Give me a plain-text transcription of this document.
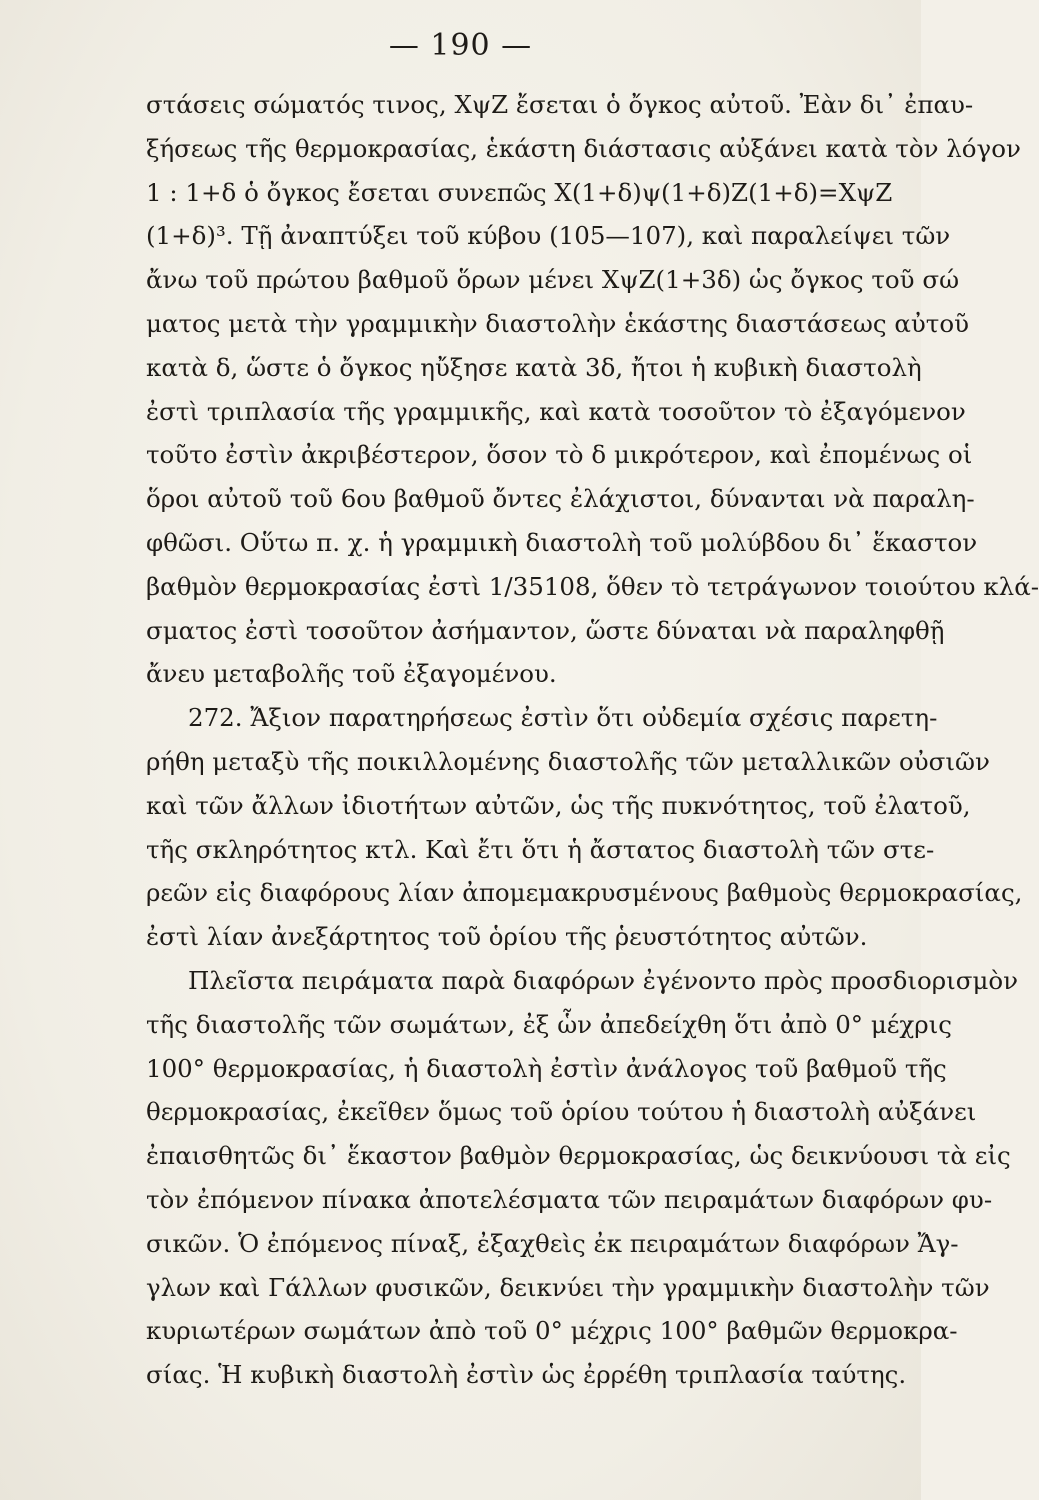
— 190 —
στάσεις σώματός τινος, ΧψΖ ἔσεται ὁ ὄγκος αὐτοῦ. Ἐὰν δι᾽ ἐπαυ-
ξήσεως τῆς θερμοκρασίας, ἑκάστη διάστασις αὐξάνει κατὰ τὸν λόγον
1 : 1+δ ὁ ὄγκος ἔσεται συνεπῶς Χ(1+δ)ψ(1+δ)Ζ(1+δ)=ΧψΖ
(1+δ)³. Τῇ ἀναπτύξει τοῦ κύβου (105—107), καὶ παραλείψει τῶν
ἄνω τοῦ πρώτου βαθμοῦ ὅρων μένει ΧψΖ(1+3δ) ὡς ὄγκος τοῦ σώ
ματος μετὰ τὴν γραμμικὴν διαστολὴν ἑκάστης διαστάσεως αὐτοῦ
κατὰ δ, ὥστε ὁ ὄγκος ηὔξησε κατὰ 3δ, ἤτοι ἡ κυβικὴ διαστολὴ
ἐστὶ τριπλασία τῆς γραμμικῆς, καὶ κατὰ τοσοῦτον τὸ ἐξαγόμενον
τοῦτο ἐστὶν ἀκριβέστερον, ὅσον τὸ δ μικρότερον, καὶ ἐπομένως οἱ
ὅροι αὐτοῦ τοῦ 6ου βαθμοῦ ὄντες ἐλάχιστοι, δύνανται νὰ παραλη-
φθῶσι. Οὕτω π. χ. ἡ γραμμικὴ διαστολὴ τοῦ μολύβδου δι᾽ ἕκαστον
βαθμὸν θερμοκρασίας ἐστὶ 1/35108, ὅθεν τὸ τετράγωνον τοιούτου κλά-
σματος ἐστὶ τοσοῦτον ἀσήμαντον, ὥστε δύναται νὰ παραληφθῇ
ἄνευ μεταβολῆς τοῦ ἐξαγομένου.
272. Ἄξιον παρατηρήσεως ἐστὶν ὅτι οὐδεμία σχέσις παρετη-
ρήθη μεταξὺ τῆς ποικιλλομένης διαστολῆς τῶν μεταλλικῶν οὐσιῶν
καὶ τῶν ἄλλων ἰδιοτήτων αὐτῶν, ὡς τῆς πυκνότητος, τοῦ ἐλατοῦ,
τῆς σκληρότητος κτλ. Καὶ ἔτι ὅτι ἡ ἄστατος διαστολὴ τῶν στε-
ρεῶν εἰς διαφόρους λίαν ἀπομεμακρυσμένους βαθμοὺς θερμοκρασίας,
ἐστὶ λίαν ἀνεξάρτητος τοῦ ὁρίου τῆς ῥευστότητος αὐτῶν.
Πλεῖστα πειράματα παρὰ διαφόρων ἐγένοντο πρὸς προσδιορισμὸν
τῆς διαστολῆς τῶν σωμάτων, ἐξ ὧν ἀπεδείχθη ὅτι ἀπὸ 0° μέχρις
100° θερμοκρασίας, ἡ διαστολὴ ἐστὶν ἀνάλογος τοῦ βαθμοῦ τῆς
θερμοκρασίας, ἐκεῖθεν ὅμως τοῦ ὁρίου τούτου ἡ διαστολὴ αὐξάνει
ἐπαισθητῶς δι᾽ ἕκαστον βαθμὸν θερμοκρασίας, ὡς δεικνύουσι τὰ εἰς
τὸν ἐπόμενον πίνακα ἀποτελέσματα τῶν πειραμάτων διαφόρων φυ-
σικῶν. Ὁ ἐπόμενος πίναξ, ἐξαχθεὶς ἐκ πειραμάτων διαφόρων Ἄγ-
γλων καὶ Γάλλων φυσικῶν, δεικνύει τὴν γραμμικὴν διαστολὴν τῶν
κυριωτέρων σωμάτων ἀπὸ τοῦ 0° μέχρις 100° βαθμῶν θερμοκρα-
σίας. Ἡ κυβικὴ διαστολὴ ἐστὶν ὡς ἐρρέθη τριπλασία ταύτης.
